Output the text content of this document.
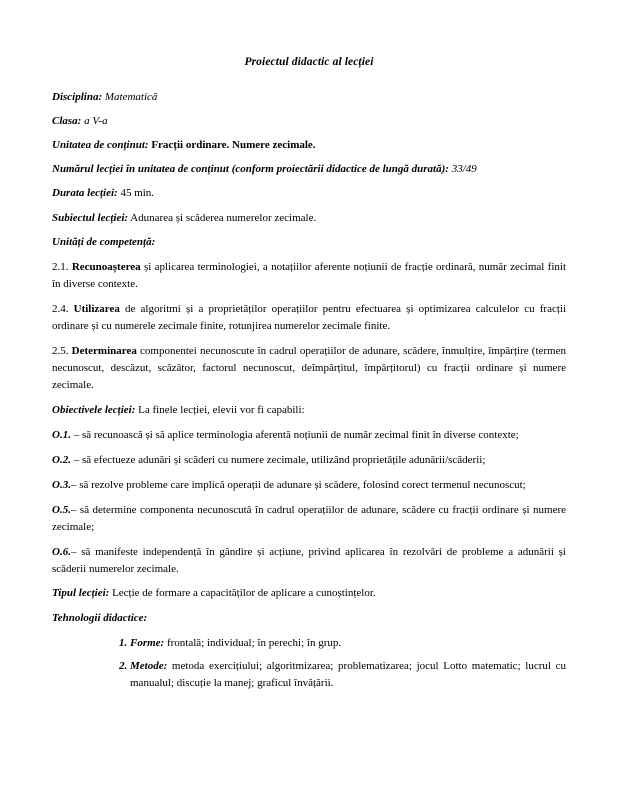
Proiectul didactic al lecției

Disciplina: Matematică

Clasa: a V-a

Unitatea de conținut: Fracții ordinare. Numere zecimale.

Numărul lecției în unitatea de conținut (conform proiectării didactice de lungă durată): 33/49

Durata lecției: 45 min.

Subiectul lecției: Adunarea și scăderea numerelor zecimale.

Unități de competență:

2.1. Recunoașterea și aplicarea terminologiei, a notațiilor aferente noțiunii de fracție ordinară, număr zecimal finit în diverse contexte.

2.4. Utilizarea de algoritmi și a proprietăților operațiilor pentru efectuarea și optimizarea calculelor cu fracții ordinare și cu numerele zecimale finite, rotunjirea numerelor zecimale finite.

2.5. Determinarea componentei necunoscute în cadrul operațiilor de adunare, scădere, înmulțire, împărțire (termen necunoscut, descăzut, scăzător, factorul necunoscut, deîmpărțitul, împărțitorul) cu fracții ordinare și numere zecimale.

Obiectivele lecției: La finele lecției, elevii vor fi capabili:

O.1. – să recunoască și să aplice terminologia aferentă noțiunii de număr zecimal finit în diverse contexte;

O.2. – să efectueze adunări și scăderi cu numere zecimale, utilizând proprietățile adunării/scăderii;

O.3.– să rezolve probleme care implică operații de adunare și scădere, folosind corect termenul necunoscut;

O.5.– să determine componenta necunoscută în cadrul operațiilor de adunare, scădere cu fracții ordinare și numere zecimale;

O.6.– să manifeste independență în gândire și acțiune, privind aplicarea în rezolvări de probleme a adunării și scăderii numerelor zecimale.

Tipul lecției: Lecție de formare a capacităților de aplicare a cunoștințelor.

Tehnologii didactice:

1. Forme: frontală; individual; în perechi; în grup.
2. Metode: metoda exercițiului; algoritmizarea; problematizarea; jocul Lotto matematic; lucrul cu manualul; discuție la manej; graficul învățării.
